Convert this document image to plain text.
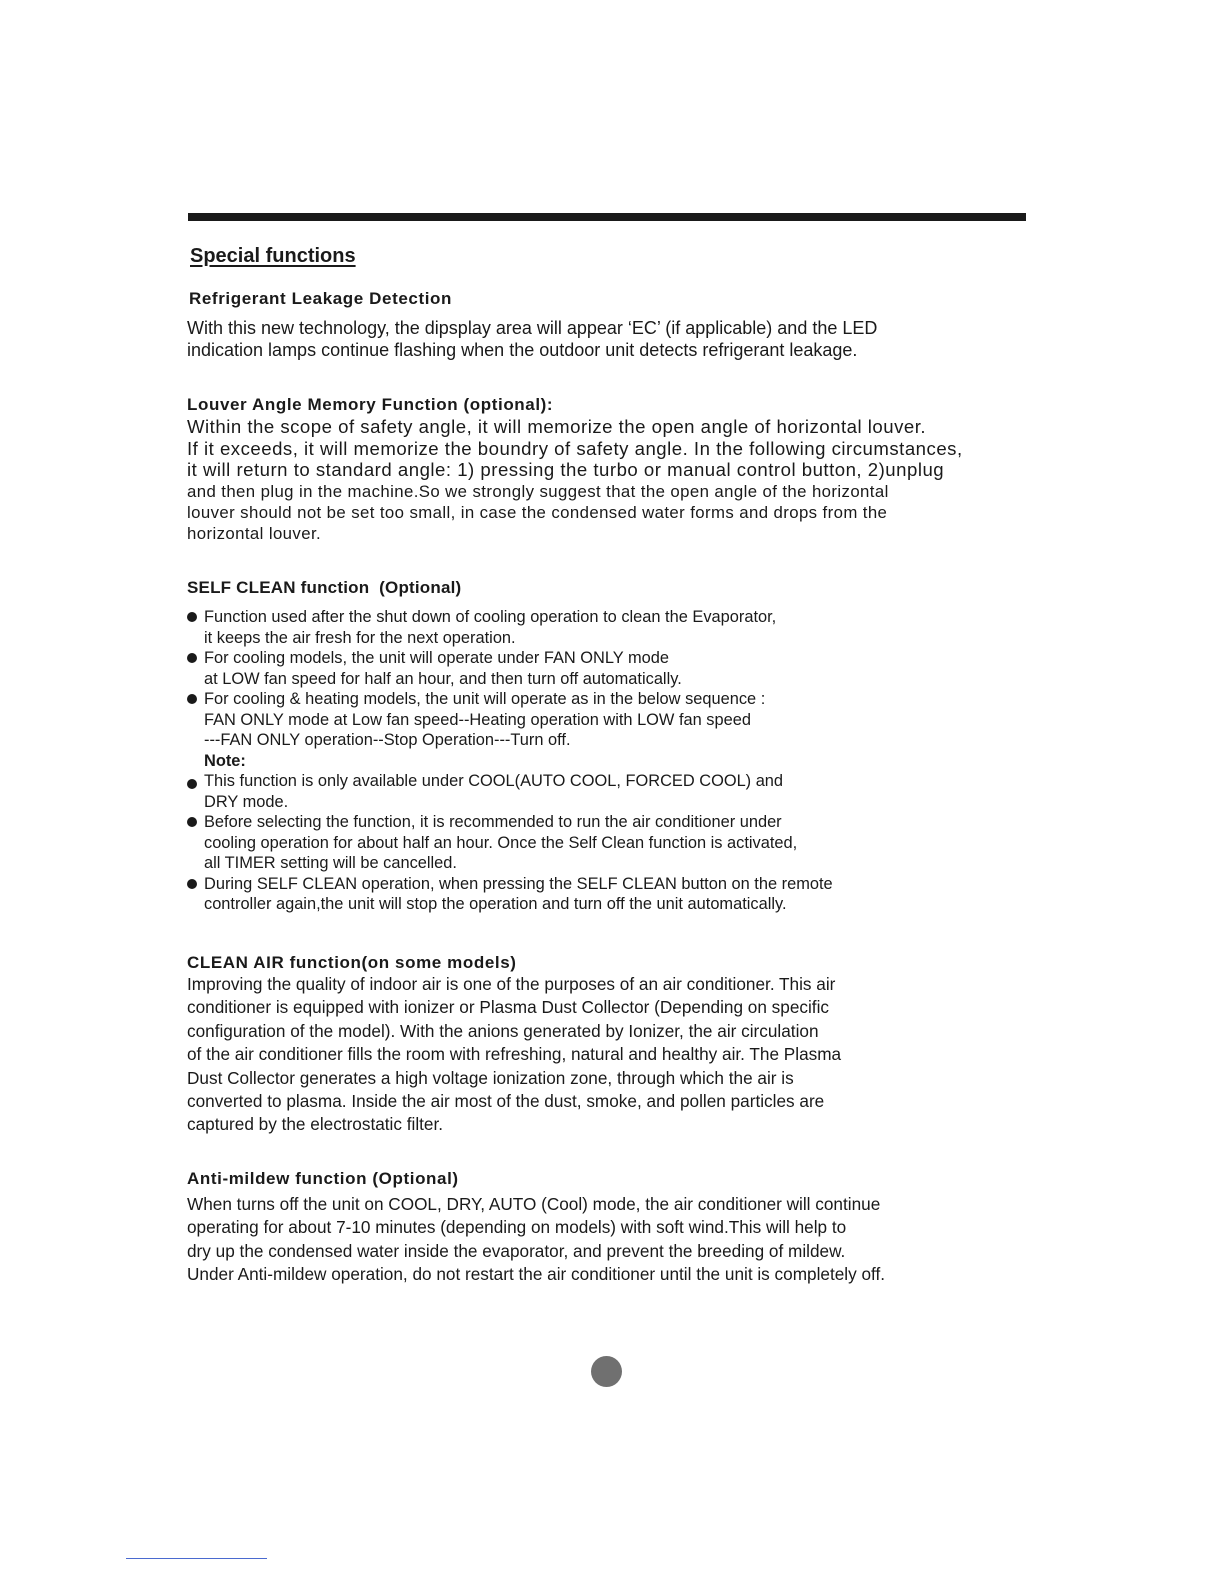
Special functions
Refrigerant Leakage Detection

With this new technology, the dipsplay area will appear ‘EC’ (if applicable) and the LED

indication lamps continue flashing when the outdoor unit detects refrigerant leakage.

Louver Angle Memory Function (optional):

Within the scope of safety angle, it will memorize the open angle of horizontal louver.

If it exceeds, it will memorize the boundry of safety angle. In the following circumstances,

it will return to standard angle: 1) pressing the turbo or manual control button, 2)unplug

and then plug in the machine.So we strongly suggest that the open angle of the horizontal

louver should not be set too small, in case the condensed water forms and drops from the

horizontal louver.

SELF CLEAN function  (Optional)
Function used after the shut down of cooling operation to clean the Evaporator,
it keeps the air fresh for the next operation.
For cooling models, the unit will operate under FAN ONLY mode
at LOW fan speed for half an hour, and then turn off automatically.
For cooling & heating models, the unit will operate as in the below sequence :
FAN ONLY mode at Low fan speed--Heating operation with LOW fan speed
---FAN ONLY operation--Stop Operation---Turn off.
Note:
This function is only available under COOL(AUTO COOL, FORCED COOL) and
DRY mode.
Before selecting the function, it is recommended to run the air conditioner under
cooling operation for about half an hour. Once the Self Clean function is activated,
all TIMER setting will be cancelled.
During SELF CLEAN operation, when pressing the SELF CLEAN button on the remote
controller again,the unit will stop the operation and turn off the unit automatically.
CLEAN AIR function(on some models)

Improving the quality of indoor air is one of the purposes of an air conditioner. This air

conditioner is equipped with ionizer or Plasma Dust Collector (Depending on specific

configuration of the model). With the anions generated by Ionizer, the air circulation

of the air conditioner fills the room with refreshing, natural and healthy air. The Plasma

Dust Collector generates a high voltage ionization zone, through which the air is

converted to plasma. Inside the air most of the dust, smoke, and pollen particles are

captured by the electrostatic filter.

Anti-mildew function (Optional)

When turns off the unit on COOL, DRY, AUTO (Cool) mode, the air conditioner will continue

operating for about 7-10 minutes (depending on models) with soft wind.This will help to

dry up the condensed water inside the evaporator, and prevent the breeding of mildew.

Under Anti-mildew operation, do not restart the air conditioner until the unit is completely off.
